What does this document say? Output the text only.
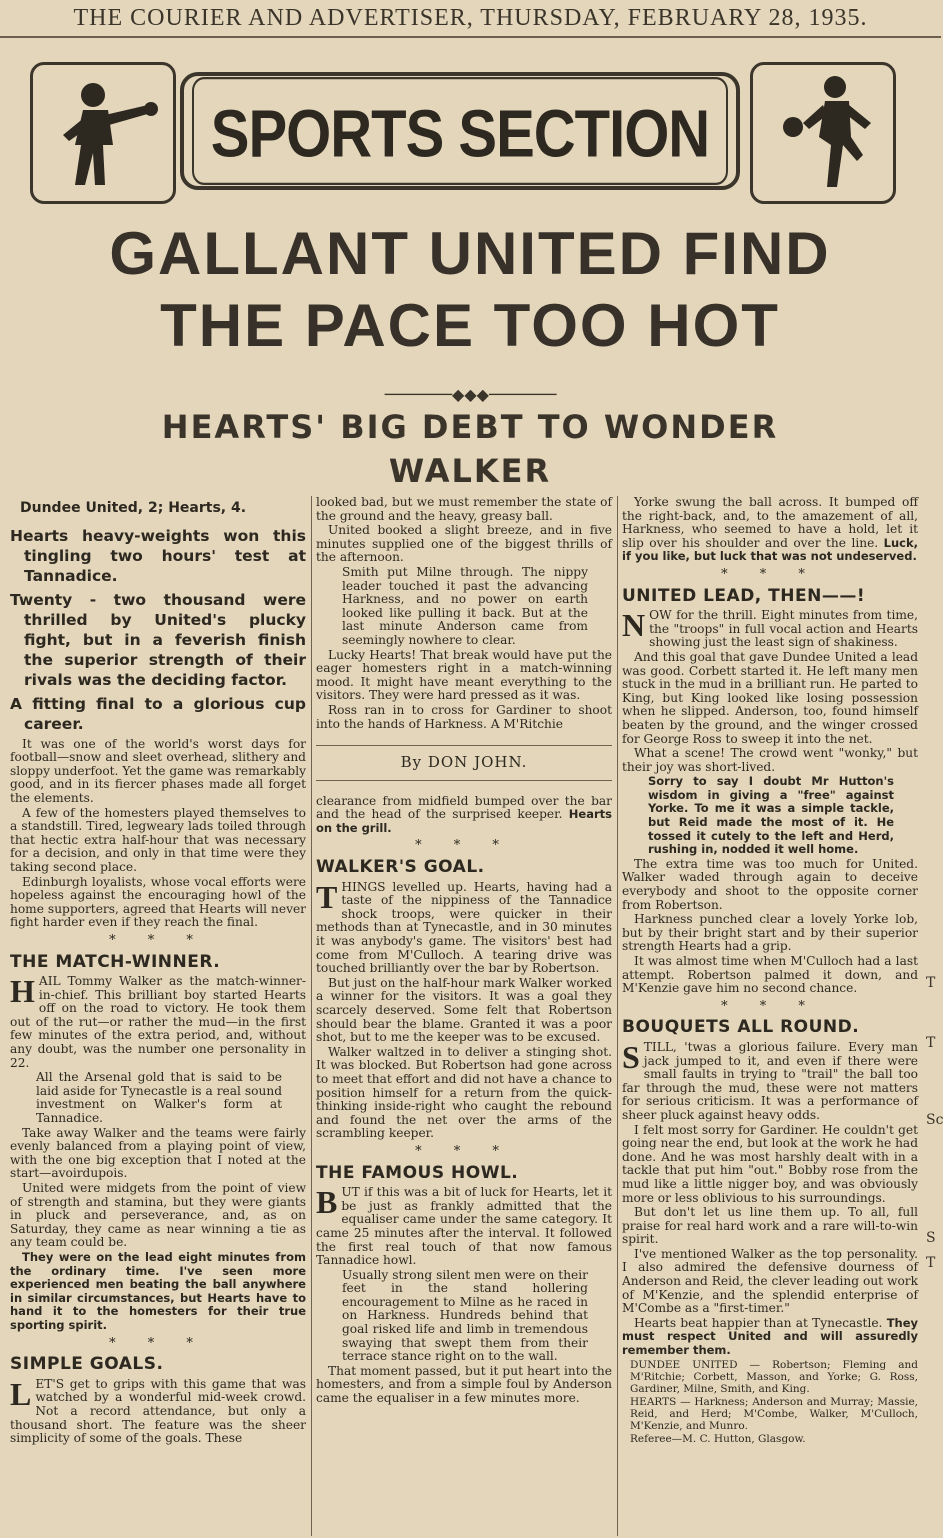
THE COURIER AND ADVERTISER, THURSDAY, FEBRUARY 28, 1935.
SPORTS SECTION
GALLANT UNITED FIND
THE PACE TOO HOT
───────◆◆◆───────
HEARTS' BIG DEBT TO WONDER
WALKER
Dundee United, 2; Hearts, 4.

Hearts heavy-weights won this tingling two hours' test at Tannadice.

Twenty - two thousand were thrilled by United's plucky fight, but in a feverish finish the superior strength of their rivals was the deciding factor.

A fitting final to a glorious cup career.

It was one of the world's worst days for football—snow and sleet overhead, slithery and sloppy underfoot. Yet the game was remarkably good, and in its fiercer phases made all forget the elements.

A few of the homesters played themselves to a standstill. Tired, legweary lads toiled through that hectic extra half-hour that was necessary for a decision, and only in that time were they taking second place.

Edinburgh loyalists, whose vocal efforts were hopeless against the encouraging howl of the home supporters, agreed that Hearts will never fight harder even if they reach the final.

* * *
THE MATCH-WINNER.

HAIL Tommy Walker as the match-winner-in-chief. This brilliant boy started Hearts off on the road to victory. He took them out of the rut—or rather the mud—in the first few minutes of the extra period, and, without any doubt, was the number one personality in 22.

All the Arsenal gold that is said to be laid aside for Tynecastle is a real sound investment on Walker's form at Tannadice.

Take away Walker and the teams were fairly evenly balanced from a playing point of view, with the one big exception that I noted at the start—avoirdupois.

United were midgets from the point of view of strength and stamina, but they were giants in pluck and perseverance, and, as on Saturday, they came as near winning a tie as any team could be.

They were on the lead eight minutes from the ordinary time. I've seen more experienced men beating the ball anywhere in similar circumstances, but Hearts have to hand it to the homesters for their true sporting spirit.

* * *
SIMPLE GOALS.

LET'S get to grips with this game that was watched by a wonderful mid-week crowd. Not a record attendance, but only a thousand short. The feature was the sheer simplicity of some of the goals. These

looked bad, but we must remember the state of the ground and the heavy, greasy ball.

United booked a slight breeze, and in five minutes supplied one of the biggest thrills of the afternoon.

Smith put Milne through. The nippy leader touched it past the advancing Harkness, and no power on earth looked like pulling it back. But at the last minute Anderson came from seemingly nowhere to clear.

Lucky Hearts! That break would have put the eager homesters right in a match-winning mood. It might have meant everything to the visitors. They were hard pressed as it was.

Ross ran in to cross for Gardiner to shoot into the hands of Harkness. A M'Ritchie

By DON JOHN.

clearance from midfield bumped over the bar and the head of the surprised keeper. Hearts on the grill.

* * *
WALKER'S GOAL.

THINGS levelled up. Hearts, having had a taste of the nippiness of the Tannadice shock troops, were quicker in their methods than at Tynecastle, and in 30 minutes it was anybody's game. The visitors' best had come from M'Culloch. A tearing drive was touched brilliantly over the bar by Robertson.

But just on the half-hour mark Walker worked a winner for the visitors. It was a goal they scarcely deserved. Some felt that Robertson should bear the blame. Granted it was a poor shot, but to me the keeper was to be excused.

Walker waltzed in to deliver a stinging shot. It was blocked. But Robertson had gone across to meet that effort and did not have a chance to position himself for a return from the quick-thinking inside-right who caught the rebound and found the net over the arms of the scrambling keeper.

* * *
THE FAMOUS HOWL.

BUT if this was a bit of luck for Hearts, let it be just as frankly admitted that the equaliser came under the same category. It came 25 minutes after the interval. It followed the first real touch of that now famous Tannadice howl.

Usually strong silent men were on their feet in the stand hollering encouragement to Milne as he raced in on Harkness. Hundreds behind that goal risked life and limb in tremendous swaying that swept them from their terrace stance right on to the wall.

That moment passed, but it put heart into the homesters, and from a simple foul by Anderson came the equaliser in a few minutes more.

Yorke swung the ball across. It bumped off the right-back, and, to the amazement of all, Harkness, who seemed to have a hold, let it slip over his shoulder and over the line. Luck, if you like, but luck that was not undeserved.

* * *
UNITED LEAD, THEN——!

NOW for the thrill. Eight minutes from time, the "troops" in full vocal action and Hearts showing just the least sign of shakiness.

And this goal that gave Dundee United a lead was good. Corbett started it. He left many men stuck in the mud in a brilliant run. He parted to King, but King looked like losing possession when he slipped. Anderson, too, found himself beaten by the ground, and the winger crossed for George Ross to sweep it into the net.

What a scene! The crowd went "wonky," but their joy was short-lived.

Sorry to say I doubt Mr Hutton's wisdom in giving a "free" against Yorke. To me it was a simple tackle, but Reid made the most of it. He tossed it cutely to the left and Herd, rushing in, nodded it well home.

The extra time was too much for United. Walker waded through again to deceive everybody and shoot to the opposite corner from Robertson.

Harkness punched clear a lovely Yorke lob, but by their bright start and by their superior strength Hearts had a grip.

It was almost time when M'Culloch had a last attempt. Robertson palmed it down, and M'Kenzie gave him no second chance.

* * *
BOUQUETS ALL ROUND.

STILL, 'twas a glorious failure. Every man jack jumped to it, and even if there were small faults in trying to "trail" the ball too far through the mud, these were not matters for serious criticism. It was a performance of sheer pluck against heavy odds.

I felt most sorry for Gardiner. He couldn't get going near the end, but look at the work he had done. And he was most harshly dealt with in a tackle that put him "out." Bobby rose from the mud like a little nigger boy, and was obviously more or less oblivious to his surroundings.

But don't let us line them up. To all, full praise for real hard work and a rare will-to-win spirit.

I've mentioned Walker as the top personality. I also admired the defensive dourness of Anderson and Reid, the clever leading out work of M'Kenzie, and the splendid enterprise of M'Combe as a "first-timer."

Hearts beat happier than at Tynecastle. They must respect United and will assuredly remember them.

DUNDEE UNITED — Robertson; Fleming and M'Ritchie; Corbett, Masson, and Yorke; G. Ross, Gardiner, Milne, Smith, and King.

HEARTS — Harkness; Anderson and Murray; Massie, Reid, and Herd; M'Combe, Walker, M'Culloch, M'Kenzie, and Munro.

Referee—M. C. Hutton, Glasgow.

T
T
Sc
S
T
